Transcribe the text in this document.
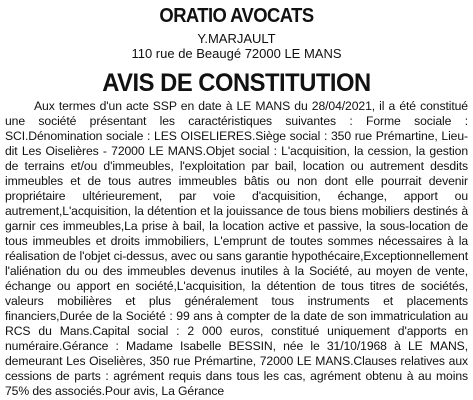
ORATIO AVOCATS

Y.MARJAULT

110 rue de Beaugé 72000 LE MANS

AVIS DE CONSTITUTION

Aux termes d'un acte SSP en date à LE MANS du 28/04/2021, il a été constitué une société présentant les caractéristiques suivantes : Forme sociale : SCI.Dénomination sociale : LES OISELIERES.Siège social : 350 rue Prémartine, Lieu-dit Les Oiselières - 72000 LE MANS.Objet social : L'acquisition, la cession, la gestion de terrains et/ou d'immeubles, l'exploitation par bail, location ou autrement desdits immeubles et de tous autres immeubles bâtis ou non dont elle pourrait devenir propriétaire ultérieurement, par voie d'acquisition, échange, apport ou autrement,L'acquisition, la détention et la jouissance de tous biens mobiliers destinés à garnir ces immeubles,La prise à bail, la location active et passive, la sous-location de tous immeubles et droits immobiliers, L'emprunt de toutes sommes nécessaires à la réalisation de l'objet ci-dessus, avec ou sans garantie hypothécaire,Exceptionnellement l'aliénation du ou des immeubles devenus inutiles à la Société, au moyen de vente, échange ou apport en société,L'acquisition, la détention de tous titres de sociétés, valeurs mobilières et plus généralement tous instruments et placements financiers,Durée de la Société : 99 ans à compter de la date de son immatriculation au RCS du Mans.Capital social : 2 000 euros, constitué uniquement d'apports en numéraire.Gérance : Madame Isabelle BESSIN, née le 31/10/1968 à LE MANS, demeurant Les Oiselières, 350 rue Prémartine, 72000 LE MANS.Clauses relatives aux cessions de parts : agrément requis dans tous les cas, agrément obtenu à au moins 75% des associés.Pour avis, La Gérance
